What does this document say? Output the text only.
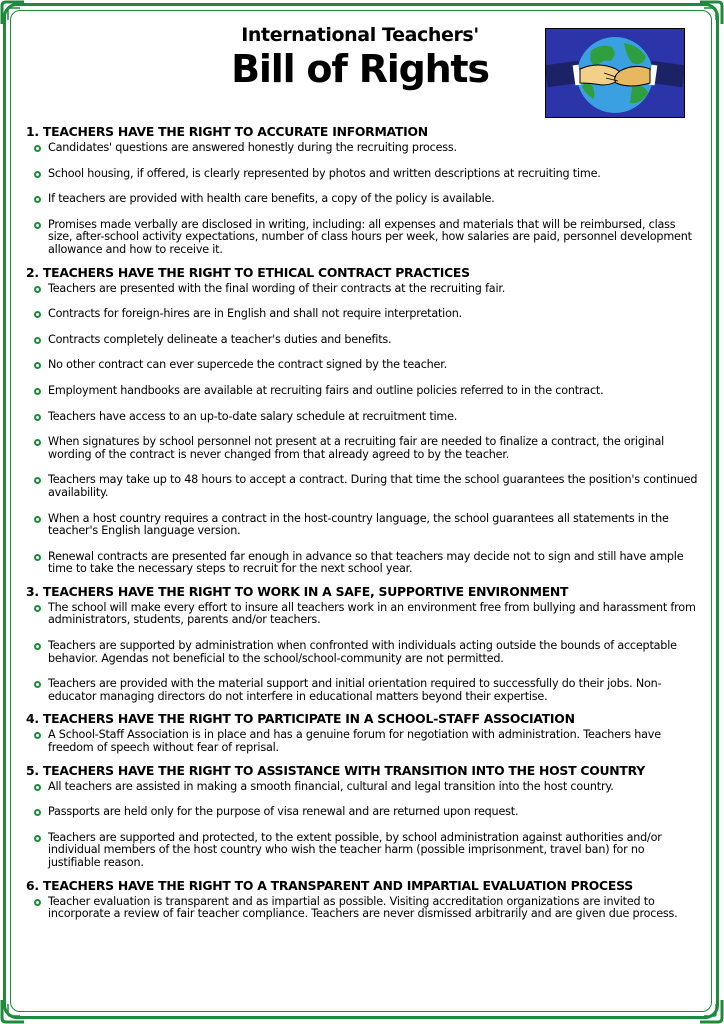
International Teachers'
Bill of Rights
1. TEACHERS HAVE THE RIGHT TO ACCURATE INFORMATION
Candidates' questions are answered honestly during the recruiting process.
School housing, if offered, is clearly represented by photos and written descriptions at recruiting time.
If teachers are provided with health care benefits, a copy of the policy is available.
Promises made verbally are disclosed in writing, including: all expenses and materials that will be reimbursed, class size, after-school activity expectations, number of class hours per week, how salaries are paid, personnel development allowance and how to receive it.
2. TEACHERS HAVE THE RIGHT TO ETHICAL CONTRACT PRACTICES
Teachers are presented with the final wording of their contracts at the recruiting fair.
Contracts for foreign-hires are in English and shall not require interpretation.
Contracts completely delineate a teacher's duties and benefits.
No other contract can ever supercede the contract signed by the teacher.
Employment handbooks are available at recruiting fairs and outline policies referred to in the contract.
Teachers have access to an up-to-date salary schedule at recruitment time.
When signatures by school personnel not present at a recruiting fair are needed to finalize a contract, the original wording of the contract is never changed from that already agreed to by the teacher.
Teachers may take up to 48 hours to accept a contract. During that time the school guarantees the position's continued availability.
When a host country requires a contract in the host-country language, the school guarantees all statements in the teacher's English language version.
Renewal contracts are presented far enough in advance so that teachers may decide not to sign and still have ample time to take the necessary steps to recruit for the next school year.
3. TEACHERS HAVE THE RIGHT TO WORK IN A SAFE, SUPPORTIVE ENVIRONMENT
The school will make every effort to insure all teachers work in an environment free from bullying and harassment from administrators, students, parents and/or teachers.
Teachers are supported by administration when confronted with individuals acting outside the bounds of acceptable behavior. Agendas not beneficial to the school/school-community are not permitted.
Teachers are provided with the material support and initial orientation required to successfully do their jobs. Non-educator managing directors do not interfere in educational matters beyond their expertise.
4. TEACHERS HAVE THE RIGHT TO PARTICIPATE IN A SCHOOL-STAFF ASSOCIATION
A School-Staff Association is in place and has a genuine forum for negotiation with administration. Teachers have freedom of speech without fear of reprisal.
5. TEACHERS HAVE THE RIGHT TO ASSISTANCE WITH TRANSITION INTO THE HOST COUNTRY
All teachers are assisted in making a smooth financial, cultural and legal transition into the host country.
Passports are held only for the purpose of visa renewal and are returned upon request.
Teachers are supported and protected, to the extent possible, by school administration against authorities and/or individual members of the host country who wish the teacher harm (possible imprisonment, travel ban) for no justifiable reason.
6. TEACHERS HAVE THE RIGHT TO A TRANSPARENT AND IMPARTIAL EVALUATION PROCESS
Teacher evaluation is transparent and as impartial as possible. Visiting accreditation organizations are invited to incorporate a review of fair teacher compliance. Teachers are never dismissed arbitrarily and are given due process.
